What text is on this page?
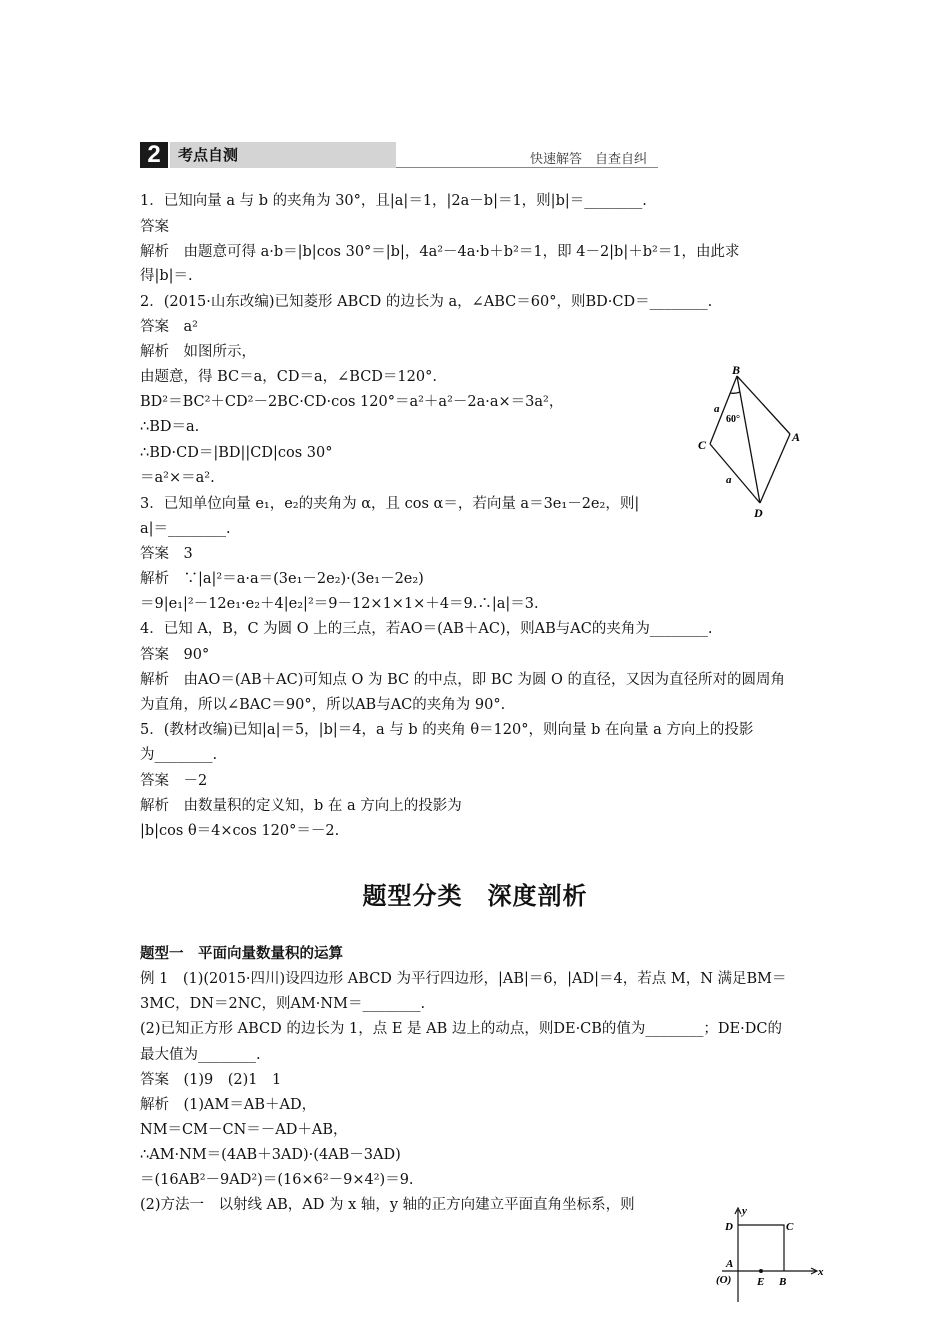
2	考点自测	快速解答　自查自纠
1．已知向量 a 与 b 的夹角为 30°，且|a|＝1，|2a－b|＝1，则|b|＝________.
答案
解析　由题意可得 a·b＝|b|cos 30°＝|b|，4a²－4a·b＋b²＝1，即 4－2|b|＋b²＝1，由此求
得|b|＝.
2．(2015·山东改编)已知菱形 ABCD 的边长为 a，∠ABC＝60°，则BD·CD＝________.
答案　a²
解析　如图所示，
由题意，得 BC＝a，CD＝a，∠BCD＝120°.
BD²＝BC²＋CD²－2BC·CD·cos 120°＝a²＋a²－2a·a×＝3a²，
∴BD＝a.
∴BD·CD＝|BD||CD|cos 30°
＝a²×＝a².
3．已知单位向量 e₁，e₂的夹角为 α，且 cos α＝，若向量 a＝3e₁－2e₂，则|
a|＝________.
答案　3
解析　∵|a|²＝a·a＝(3e₁－2e₂)·(3e₁－2e₂)
＝9|e₁|²－12e₁·e₂＋4|e₂|²＝9－12×1×1×＋4＝9.∴|a|＝3.
4．已知 A，B，C 为圆 O 上的三点，若AO＝(AB＋AC)，则AB与AC的夹角为________.
答案　90°
解析　由AO＝(AB＋AC)可知点 O 为 BC 的中点，即 BC 为圆 O 的直径，又因为直径所对的圆周角
为直角，所以∠BAC＝90°，所以AB与AC的夹角为 90°.
5．(教材改编)已知|a|＝5，|b|＝4，a 与 b 的夹角 θ＝120°，则向量 b 在向量 a 方向上的投影
为________.
答案　－2
解析　由数量积的定义知，b 在 a 方向上的投影为
|b|cos θ＝4×cos 120°＝－2.
题型分类　深度剖析
题型一　平面向量数量积的运算
例 1　(1)(2015·四川)设四边形 ABCD 为平行四边形，|AB|＝6，|AD|＝4，若点 M，N 满足BM＝
3MC，DN＝2NC，则AM·NM＝________.
(2)已知正方形 ABCD 的边长为 1，点 E 是 AB 边上的动点，则DE·CB的值为________；DE·DC的
最大值为________.
答案　(1)9　(2)1　1
解析　(1)AM＝AB＋AD，
NM＝CM－CN＝－AD＋AB，
∴AM·NM＝(4AB＋3AD)·(4AB－3AD)
＝(16AB²－9AD²)＝(16×6²－9×4²)＝9.
(2)方法一　以射线 AB，AD 为 x 轴，y 轴的正方向建立平面直角坐标系，则
B
C
A
D
a
60°
a
y
D	C
A
(O) E B
x
